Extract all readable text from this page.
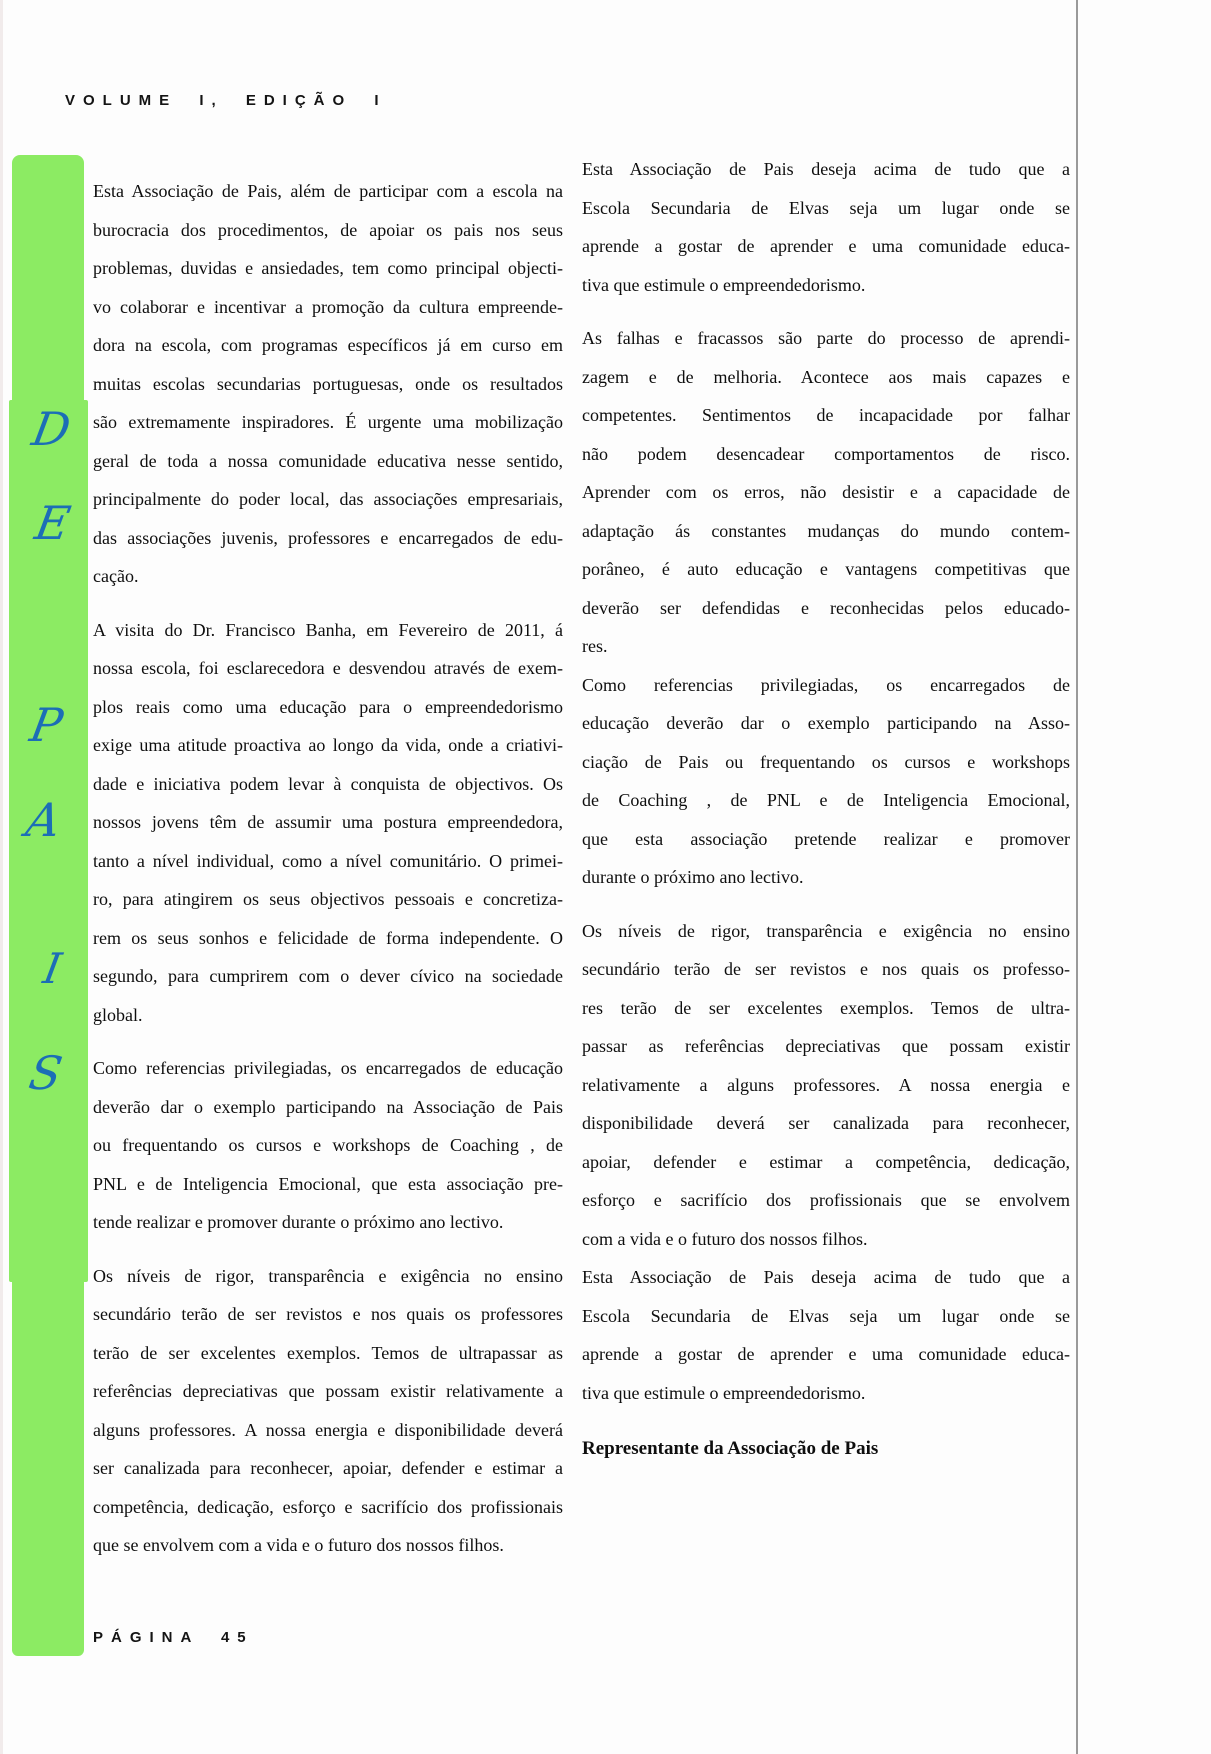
VOLUME I, EDIÇÃO I
D
E
P
A
I
S
Esta Associação de Pais, além de participar com a escola na
burocracia dos procedimentos, de apoiar os pais nos seus
problemas, duvidas e ansiedades, tem como principal objecti-
vo colaborar e incentivar a promoção da cultura empreende-
dora na escola, com programas específicos já em curso em
muitas escolas secundarias portuguesas, onde os resultados
são extremamente inspiradores. É urgente uma mobilização
geral de toda a nossa comunidade educativa nesse sentido,
principalmente do poder local, das associações empresariais,
das associações juvenis, professores e encarregados de edu-
cação.
A visita do Dr. Francisco Banha, em Fevereiro de 2011, á
nossa escola, foi esclarecedora e desvendou através de exem-
plos reais como uma educação para o empreendedorismo
exige uma atitude proactiva ao longo da vida, onde a criativi-
dade e iniciativa podem levar à conquista de objectivos. Os
nossos jovens têm de assumir uma postura empreendedora,
tanto a nível individual, como a nível comunitário. O primei-
ro, para atingirem os seus objectivos pessoais e concretiza-
rem os seus sonhos e felicidade de forma independente. O
segundo, para cumprirem com o dever cívico na sociedade
global.
Como referencias privilegiadas, os encarregados de educação
deverão dar o exemplo participando na Associação de Pais
ou frequentando os cursos e workshops de Coaching , de
PNL e de Inteligencia Emocional, que esta associação pre-
tende realizar e promover durante o próximo ano lectivo.
Os níveis de rigor, transparência e exigência no ensino
secundário terão de ser revistos e nos quais os professores
terão de ser excelentes exemplos. Temos de ultrapassar as
referências depreciativas que possam existir relativamente a
alguns professores. A nossa energia e disponibilidade deverá
ser canalizada para reconhecer, apoiar, defender e estimar a
competência, dedicação, esforço e sacrifício dos profissionais
que se envolvem com a vida e o futuro dos nossos filhos.
Esta Associação de Pais deseja acima de tudo que a
Escola Secundaria de Elvas seja um lugar onde se
aprende a gostar de aprender e uma comunidade educa-
tiva que estimule o empreendedorismo.
As falhas e fracassos são parte do processo de aprendi-
zagem e de melhoria. Acontece aos mais capazes e
competentes. Sentimentos de incapacidade por falhar
não podem desencadear comportamentos de risco.
Aprender com os erros, não desistir e a capacidade de
adaptação ás constantes mudanças do mundo contem-
porâneo, é auto educação e vantagens competitivas que
deverão ser defendidas e reconhecidas pelos educado-
res.
Como referencias privilegiadas, os encarregados de
educação deverão dar o exemplo participando na Asso-
ciação de Pais ou frequentando os cursos e workshops
de Coaching , de PNL e de Inteligencia Emocional,
que esta associação pretende realizar e promover
durante o próximo ano lectivo.
Os níveis de rigor, transparência e exigência no ensino
secundário terão de ser revistos e nos quais os professo-
res terão de ser excelentes exemplos. Temos de ultra-
passar as referências depreciativas que possam existir
relativamente a alguns professores. A nossa energia e
disponibilidade deverá ser canalizada para reconhecer,
apoiar, defender e estimar a competência, dedicação,
esforço e sacrifício dos profissionais que se envolvem
com a vida e o futuro dos nossos filhos.
Esta Associação de Pais deseja acima de tudo que a
Escola Secundaria de Elvas seja um lugar onde se
aprende a gostar de aprender e uma comunidade educa-
tiva que estimule o empreendedorismo.
Representante da Associação de Pais
PÁGINA 45
